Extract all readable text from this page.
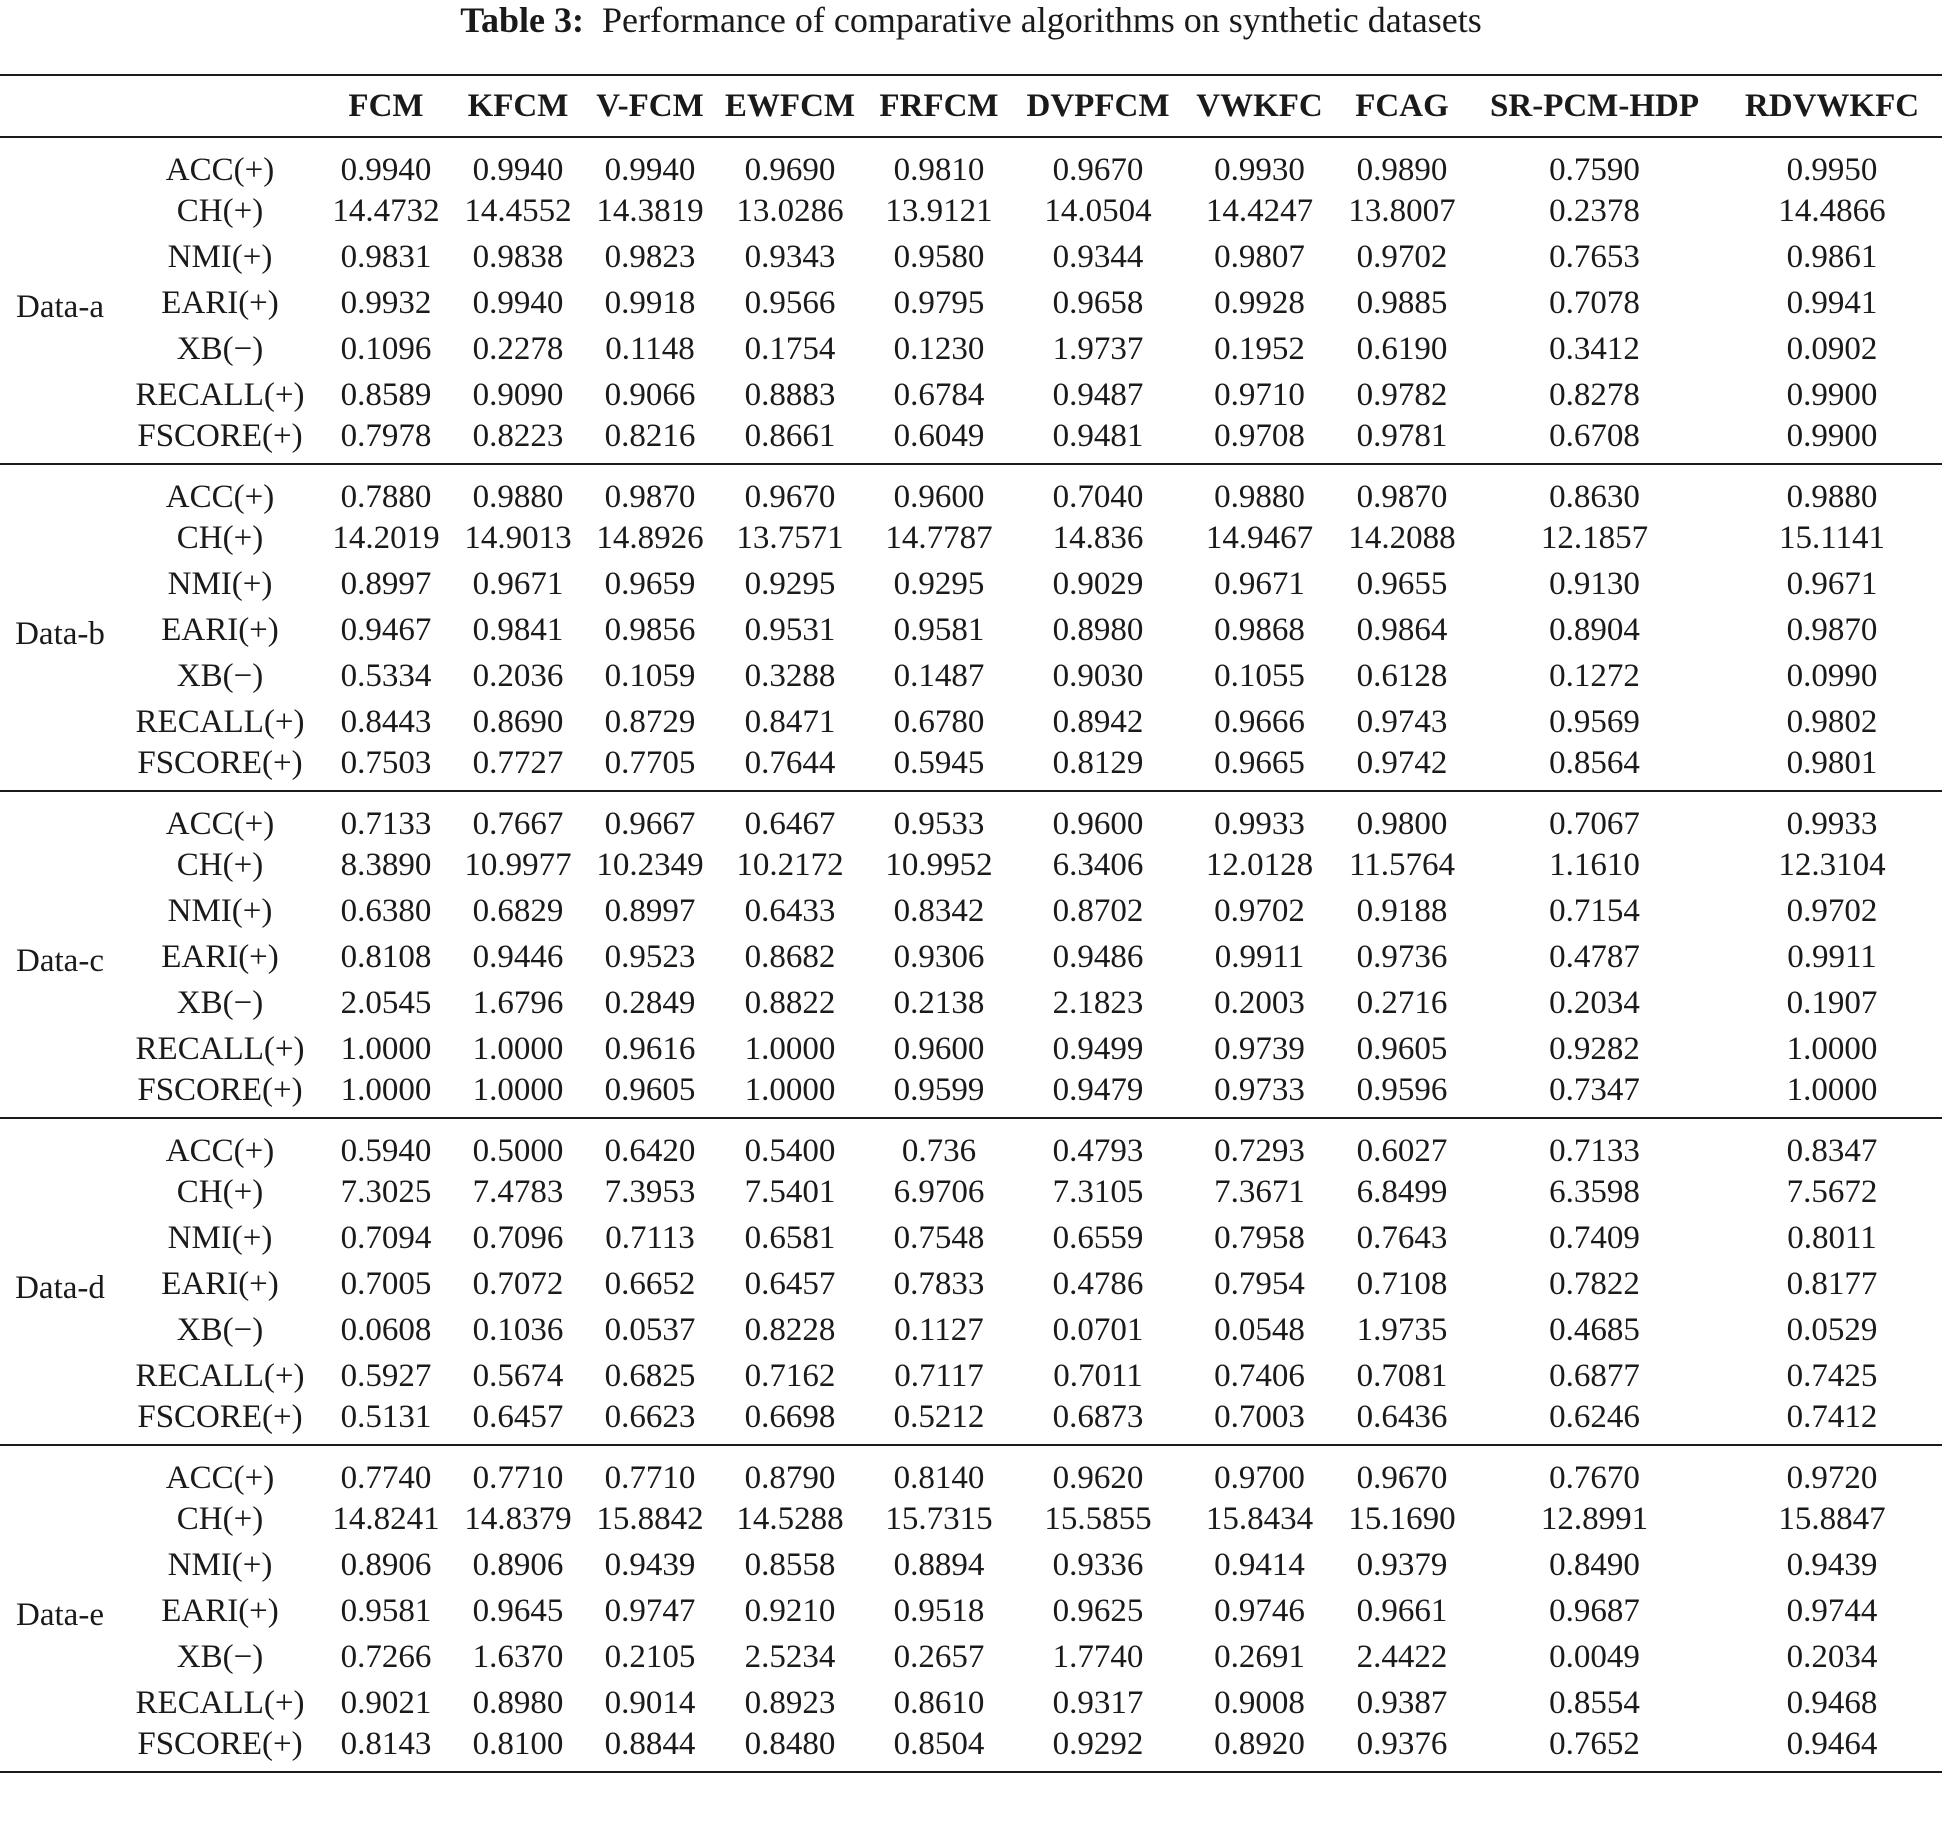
Table 3: Performance of comparative algorithms on synthetic datasets
		FCM	KFCM	V-FCM	EWFCM	FRFCM	DVPFCM	VWKFC	FCAG	SR-PCM-HDP	RDVWKFC
Data-a	ACC(+)	0.9940	0.9940	0.9940	0.9690	0.9810	0.9670	0.9930	0.9890	0.7590	0.9950
	CH(+)	14.4732	14.4552	14.3819	13.0286	13.9121	14.0504	14.4247	13.8007	0.2378	14.4866
	NMI(+)	0.9831	0.9838	0.9823	0.9343	0.9580	0.9344	0.9807	0.9702	0.7653	0.9861
	EARI(+)	0.9932	0.9940	0.9918	0.9566	0.9795	0.9658	0.9928	0.9885	0.7078	0.9941
	XB(−)	0.1096	0.2278	0.1148	0.1754	0.1230	1.9737	0.1952	0.6190	0.3412	0.0902
	RECALL(+)	0.8589	0.9090	0.9066	0.8883	0.6784	0.9487	0.9710	0.9782	0.8278	0.9900
	FSCORE(+)	0.7978	0.8223	0.8216	0.8661	0.6049	0.9481	0.9708	0.9781	0.6708	0.9900
Data-b	ACC(+)	0.7880	0.9880	0.9870	0.9670	0.9600	0.7040	0.9880	0.9870	0.8630	0.9880
	CH(+)	14.2019	14.9013	14.8926	13.7571	14.7787	14.836	14.9467	14.2088	12.1857	15.1141
	NMI(+)	0.8997	0.9671	0.9659	0.9295	0.9295	0.9029	0.9671	0.9655	0.9130	0.9671
	EARI(+)	0.9467	0.9841	0.9856	0.9531	0.9581	0.8980	0.9868	0.9864	0.8904	0.9870
	XB(−)	0.5334	0.2036	0.1059	0.3288	0.1487	0.9030	0.1055	0.6128	0.1272	0.0990
	RECALL(+)	0.8443	0.8690	0.8729	0.8471	0.6780	0.8942	0.9666	0.9743	0.9569	0.9802
	FSCORE(+)	0.7503	0.7727	0.7705	0.7644	0.5945	0.8129	0.9665	0.9742	0.8564	0.9801
Data-c	ACC(+)	0.7133	0.7667	0.9667	0.6467	0.9533	0.9600	0.9933	0.9800	0.7067	0.9933
	CH(+)	8.3890	10.9977	10.2349	10.2172	10.9952	6.3406	12.0128	11.5764	1.1610	12.3104
	NMI(+)	0.6380	0.6829	0.8997	0.6433	0.8342	0.8702	0.9702	0.9188	0.7154	0.9702
	EARI(+)	0.8108	0.9446	0.9523	0.8682	0.9306	0.9486	0.9911	0.9736	0.4787	0.9911
	XB(−)	2.0545	1.6796	0.2849	0.8822	0.2138	2.1823	0.2003	0.2716	0.2034	0.1907
	RECALL(+)	1.0000	1.0000	0.9616	1.0000	0.9600	0.9499	0.9739	0.9605	0.9282	1.0000
	FSCORE(+)	1.0000	1.0000	0.9605	1.0000	0.9599	0.9479	0.9733	0.9596	0.7347	1.0000
Data-d	ACC(+)	0.5940	0.5000	0.6420	0.5400	0.736	0.4793	0.7293	0.6027	0.7133	0.8347
	CH(+)	7.3025	7.4783	7.3953	7.5401	6.9706	7.3105	7.3671	6.8499	6.3598	7.5672
	NMI(+)	0.7094	0.7096	0.7113	0.6581	0.7548	0.6559	0.7958	0.7643	0.7409	0.8011
	EARI(+)	0.7005	0.7072	0.6652	0.6457	0.7833	0.4786	0.7954	0.7108	0.7822	0.8177
	XB(−)	0.0608	0.1036	0.0537	0.8228	0.1127	0.0701	0.0548	1.9735	0.4685	0.0529
	RECALL(+)	0.5927	0.5674	0.6825	0.7162	0.7117	0.7011	0.7406	0.7081	0.6877	0.7425
	FSCORE(+)	0.5131	0.6457	0.6623	0.6698	0.5212	0.6873	0.7003	0.6436	0.6246	0.7412
Data-e	ACC(+)	0.7740	0.7710	0.7710	0.8790	0.8140	0.9620	0.9700	0.9670	0.7670	0.9720
	CH(+)	14.8241	14.8379	15.8842	14.5288	15.7315	15.5855	15.8434	15.1690	12.8991	15.8847
	NMI(+)	0.8906	0.8906	0.9439	0.8558	0.8894	0.9336	0.9414	0.9379	0.8490	0.9439
	EARI(+)	0.9581	0.9645	0.9747	0.9210	0.9518	0.9625	0.9746	0.9661	0.9687	0.9744
	XB(−)	0.7266	1.6370	0.2105	2.5234	0.2657	1.7740	0.2691	2.4422	0.0049	0.2034
	RECALL(+)	0.9021	0.8980	0.9014	0.8923	0.8610	0.9317	0.9008	0.9387	0.8554	0.9468
	FSCORE(+)	0.8143	0.8100	0.8844	0.8480	0.8504	0.9292	0.8920	0.9376	0.7652	0.9464
